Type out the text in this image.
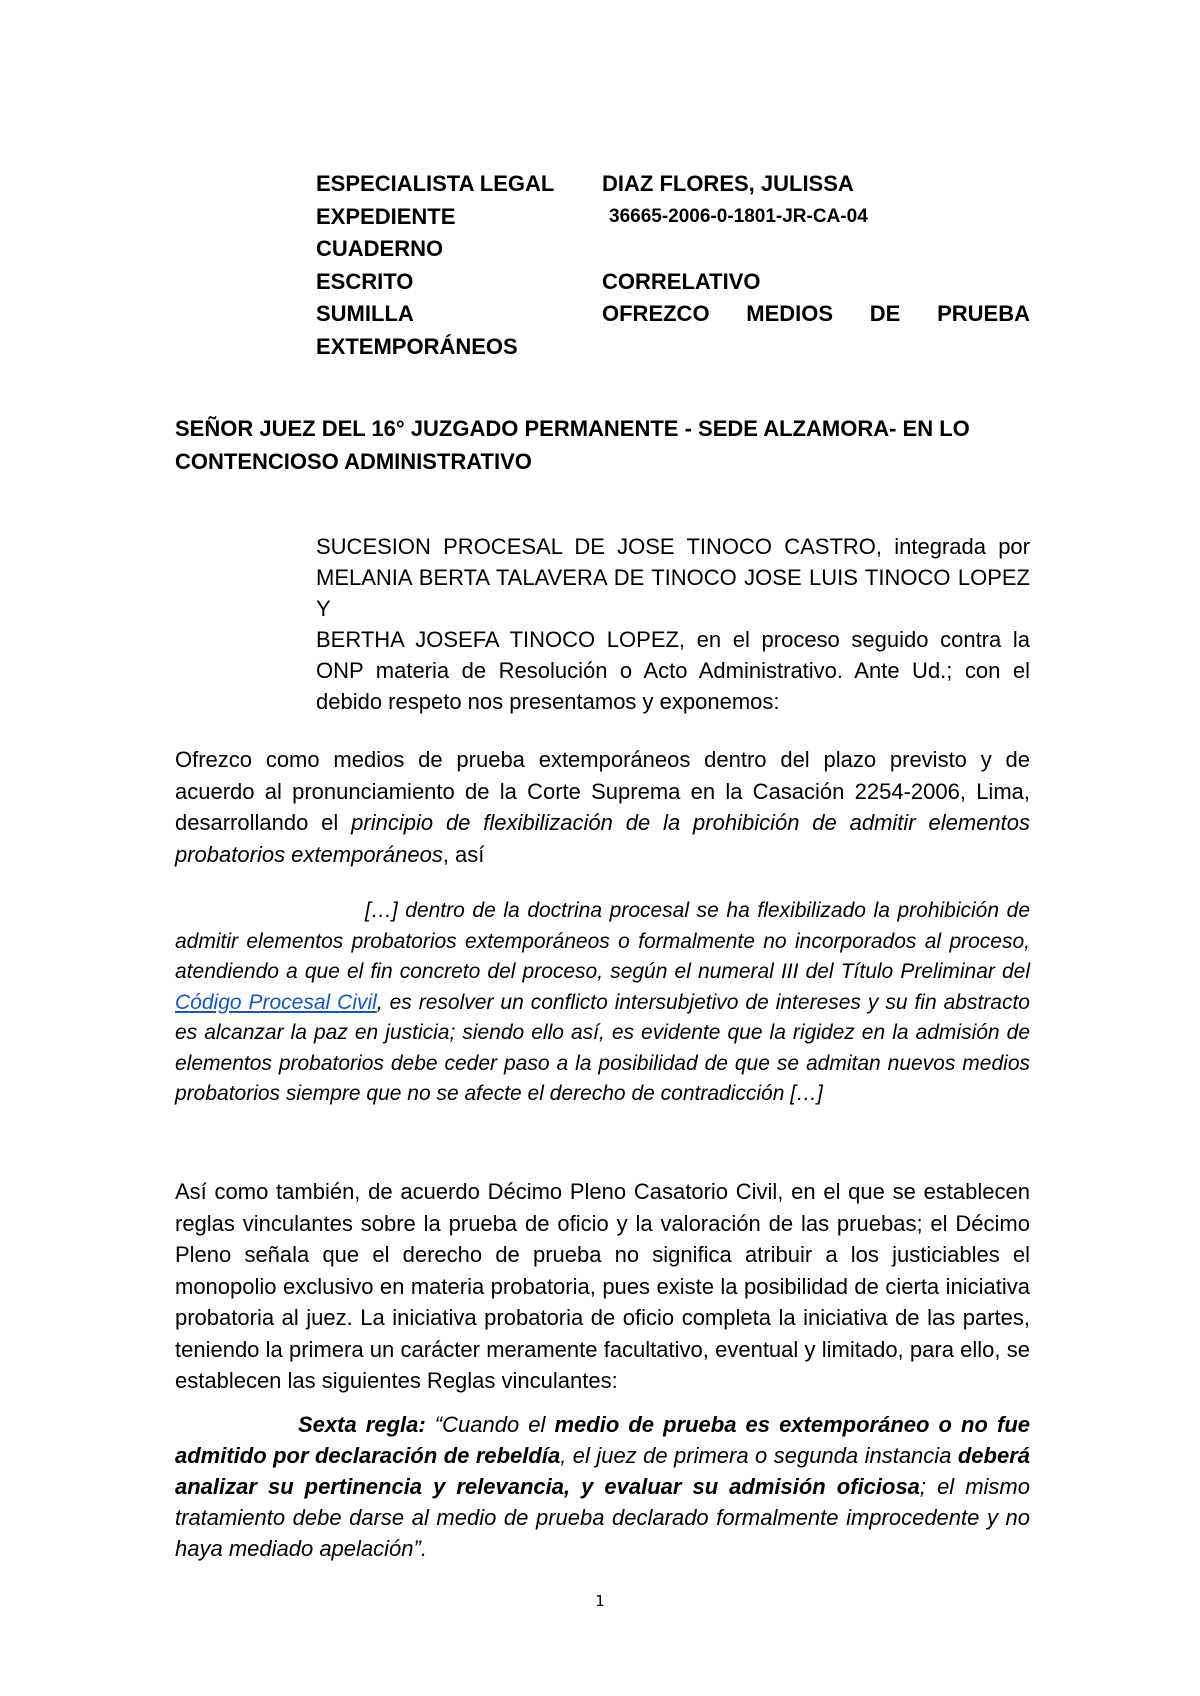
ESPECIALISTA LEGAL	DIAZ FLORES, JULISSA
EXPEDIENTE	36665-2006-0-1801-JR-CA-04
CUADERNO
ESCRITO	CORRELATIVO
SUMILLA	OFREZCO MEDIOS DE PRUEBA
EXTEMPORÁNEOS
SEÑOR JUEZ DEL 16° JUZGADO PERMANENTE - SEDE ALZAMORA- EN LO CONTENCIOSO ADMINISTRATIVO
SUCESION PROCESAL DE JOSE TINOCO CASTRO, integrada por MELANIA BERTA TALAVERA DE TINOCO JOSE LUIS TINOCO LOPEZ Y
BERTHA JOSEFA TINOCO LOPEZ, en el proceso seguido contra la ONP materia de Resolución o Acto Administrativo. Ante Ud.; con el debido respeto nos presentamos y exponemos:
Ofrezco como medios de prueba extemporáneos dentro del plazo previsto y de acuerdo al pronunciamiento de la Corte Suprema en la Casación 2254-2006, Lima, desarrollando el principio de flexibilización de la prohibición de admitir elementos probatorios extemporáneos, así
[…] dentro de la doctrina procesal se ha flexibilizado la prohibición de admitir elementos probatorios extemporáneos o formalmente no incorporados al proceso, atendiendo a que el fin concreto del proceso, según el numeral III del Título Preliminar del Código Procesal Civil, es resolver un conflicto intersubjetivo de intereses y su fin abstracto es alcanzar la paz en justicia; siendo ello así, es evidente que la rigidez en la admisión de elementos probatorios debe ceder paso a la posibilidad de que se admitan nuevos medios probatorios siempre que no se afecte el derecho de contradicción […]
Así como también, de acuerdo Décimo Pleno Casatorio Civil, en el que se establecen reglas vinculantes sobre la prueba de oficio y la valoración de las pruebas; el Décimo Pleno señala que el derecho de prueba no significa atribuir a los justiciables el monopolio exclusivo en materia probatoria, pues existe la posibilidad de cierta iniciativa probatoria al juez. La iniciativa probatoria de oficio completa la iniciativa de las partes, teniendo la primera un carácter meramente facultativo, eventual y limitado, para ello, se establecen las siguientes Reglas vinculantes:
Sexta regla: “Cuando el medio de prueba es extemporáneo o no fue admitido por declaración de rebeldía, el juez de primera o segunda instancia deberá analizar su pertinencia y relevancia, y evaluar su admisión oficiosa; el mismo tratamiento debe darse al medio de prueba declarado formalmente improcedente y no haya mediado apelación”.
1
